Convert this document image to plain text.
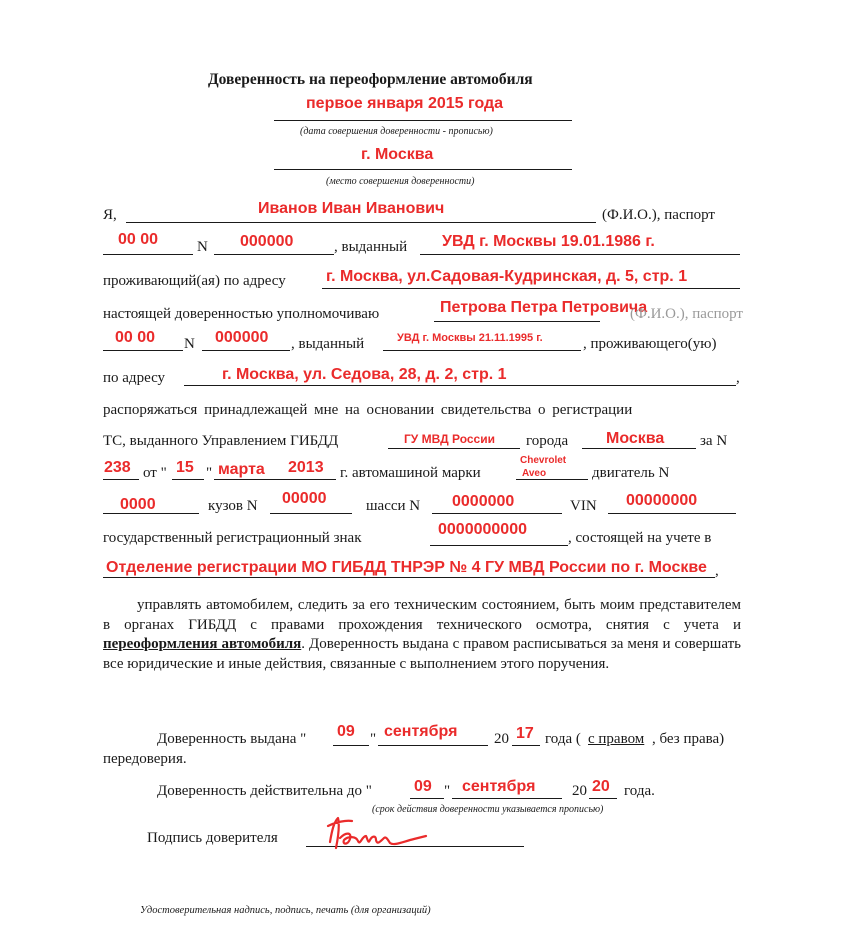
Доверенность на переоформление автомобиля
первое января 2015 года
(дата совершения доверенности - прописью)
г. Москва
(место совершения доверенности)
Я,	Иванов Иван Иванович	(Ф.И.О.), паспорт
00 00	N 000000	, выданный УВД г. Москвы 19.01.1986 г.
проживающий(ая) по адресу	г. Москва, ул.Садовая-Кудринская, д. 5, стр. 1
настоящей доверенностью уполномочиваю	Петрова Петра Петровича
(Ф.И.О.), паспорт
00 00 N 000000 , выданный	УВД г. Москвы 21.11.1995 г.	, проживающего(ую)
по адресу	г. Москва, ул. Седова, 28, д. 2, стр. 1	,
распоряжаться принадлежащей мне на основании свидетельства о регистрации
ТС, выданного Управлением ГИБДД	ГУ МВД России города Москва за N
238 от " 15 " марта 2013 г. автомашиной марки
Chevrolet
Aveo	двигатель N
0000	кузов N 00000	шасси N 0000000	VIN 00000000
государственный регистрационный знак	0000000000	, состоящей на учете в
Отделение регистрации МО ГИБДД ТНРЭР № 4 ГУ МВД России по г. Москве ,
управлять автомобилем, следить за его техническим состоянием, быть моим представителем в органах ГИБДД с правами прохождения технического осмотра, снятия с учета и переоформления автомобиля. Доверенность выдана с правом расписываться за меня и совершать все юридические и иные действия, связанные с выполнением этого поручения.
Доверенность выдана " 09 " сентября 20 17 года ( с правом , без права)
передоверия.
Доверенность действительна до "	09 " сентября 20 20 года.
(срок действия доверенности указывается прописью)
Подпись доверителя
Удостоверительная надпись, подпись, печать (для организаций)
